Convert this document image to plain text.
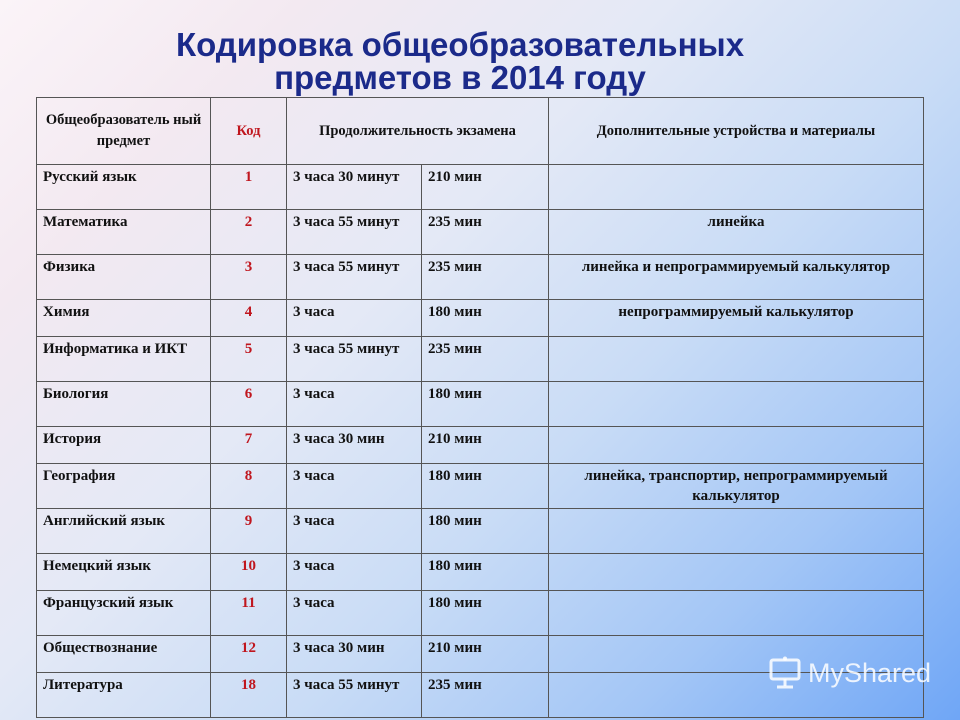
Кодировка общеобразовательных
предметов в 2014 году
Общеобразователь ный предмет	Код	Продолжительность экзамена		Дополнительные устройства и материалы
Русский язык	1	3 часа 30 минут	210 мин	
Математика	2	3 часа 55 минут	235 мин	линейка
Физика	3	3 часа 55 минут	235 мин	линейка и непрограммируемый калькулятор
Химия	4	3 часа	180 мин	непрограммируемый калькулятор
Информатика и ИКТ	5	3 часа 55 минут	235 мин	
Биология	6	3 часа	180 мин	
История	7	3 часа 30 мин	210 мин	
География	8	3 часа	180 мин	линейка, транспортир, непрограммируемый калькулятор
Английский язык	9	3 часа	180 мин	
Немецкий язык	10	3 часа	180 мин	
Французский язык	11	3 часа	180 мин	
Обществознание	12	3 часа 30 мин	210 мин	
Литература	18	3 часа 55 минут	235 мин		MyShared
